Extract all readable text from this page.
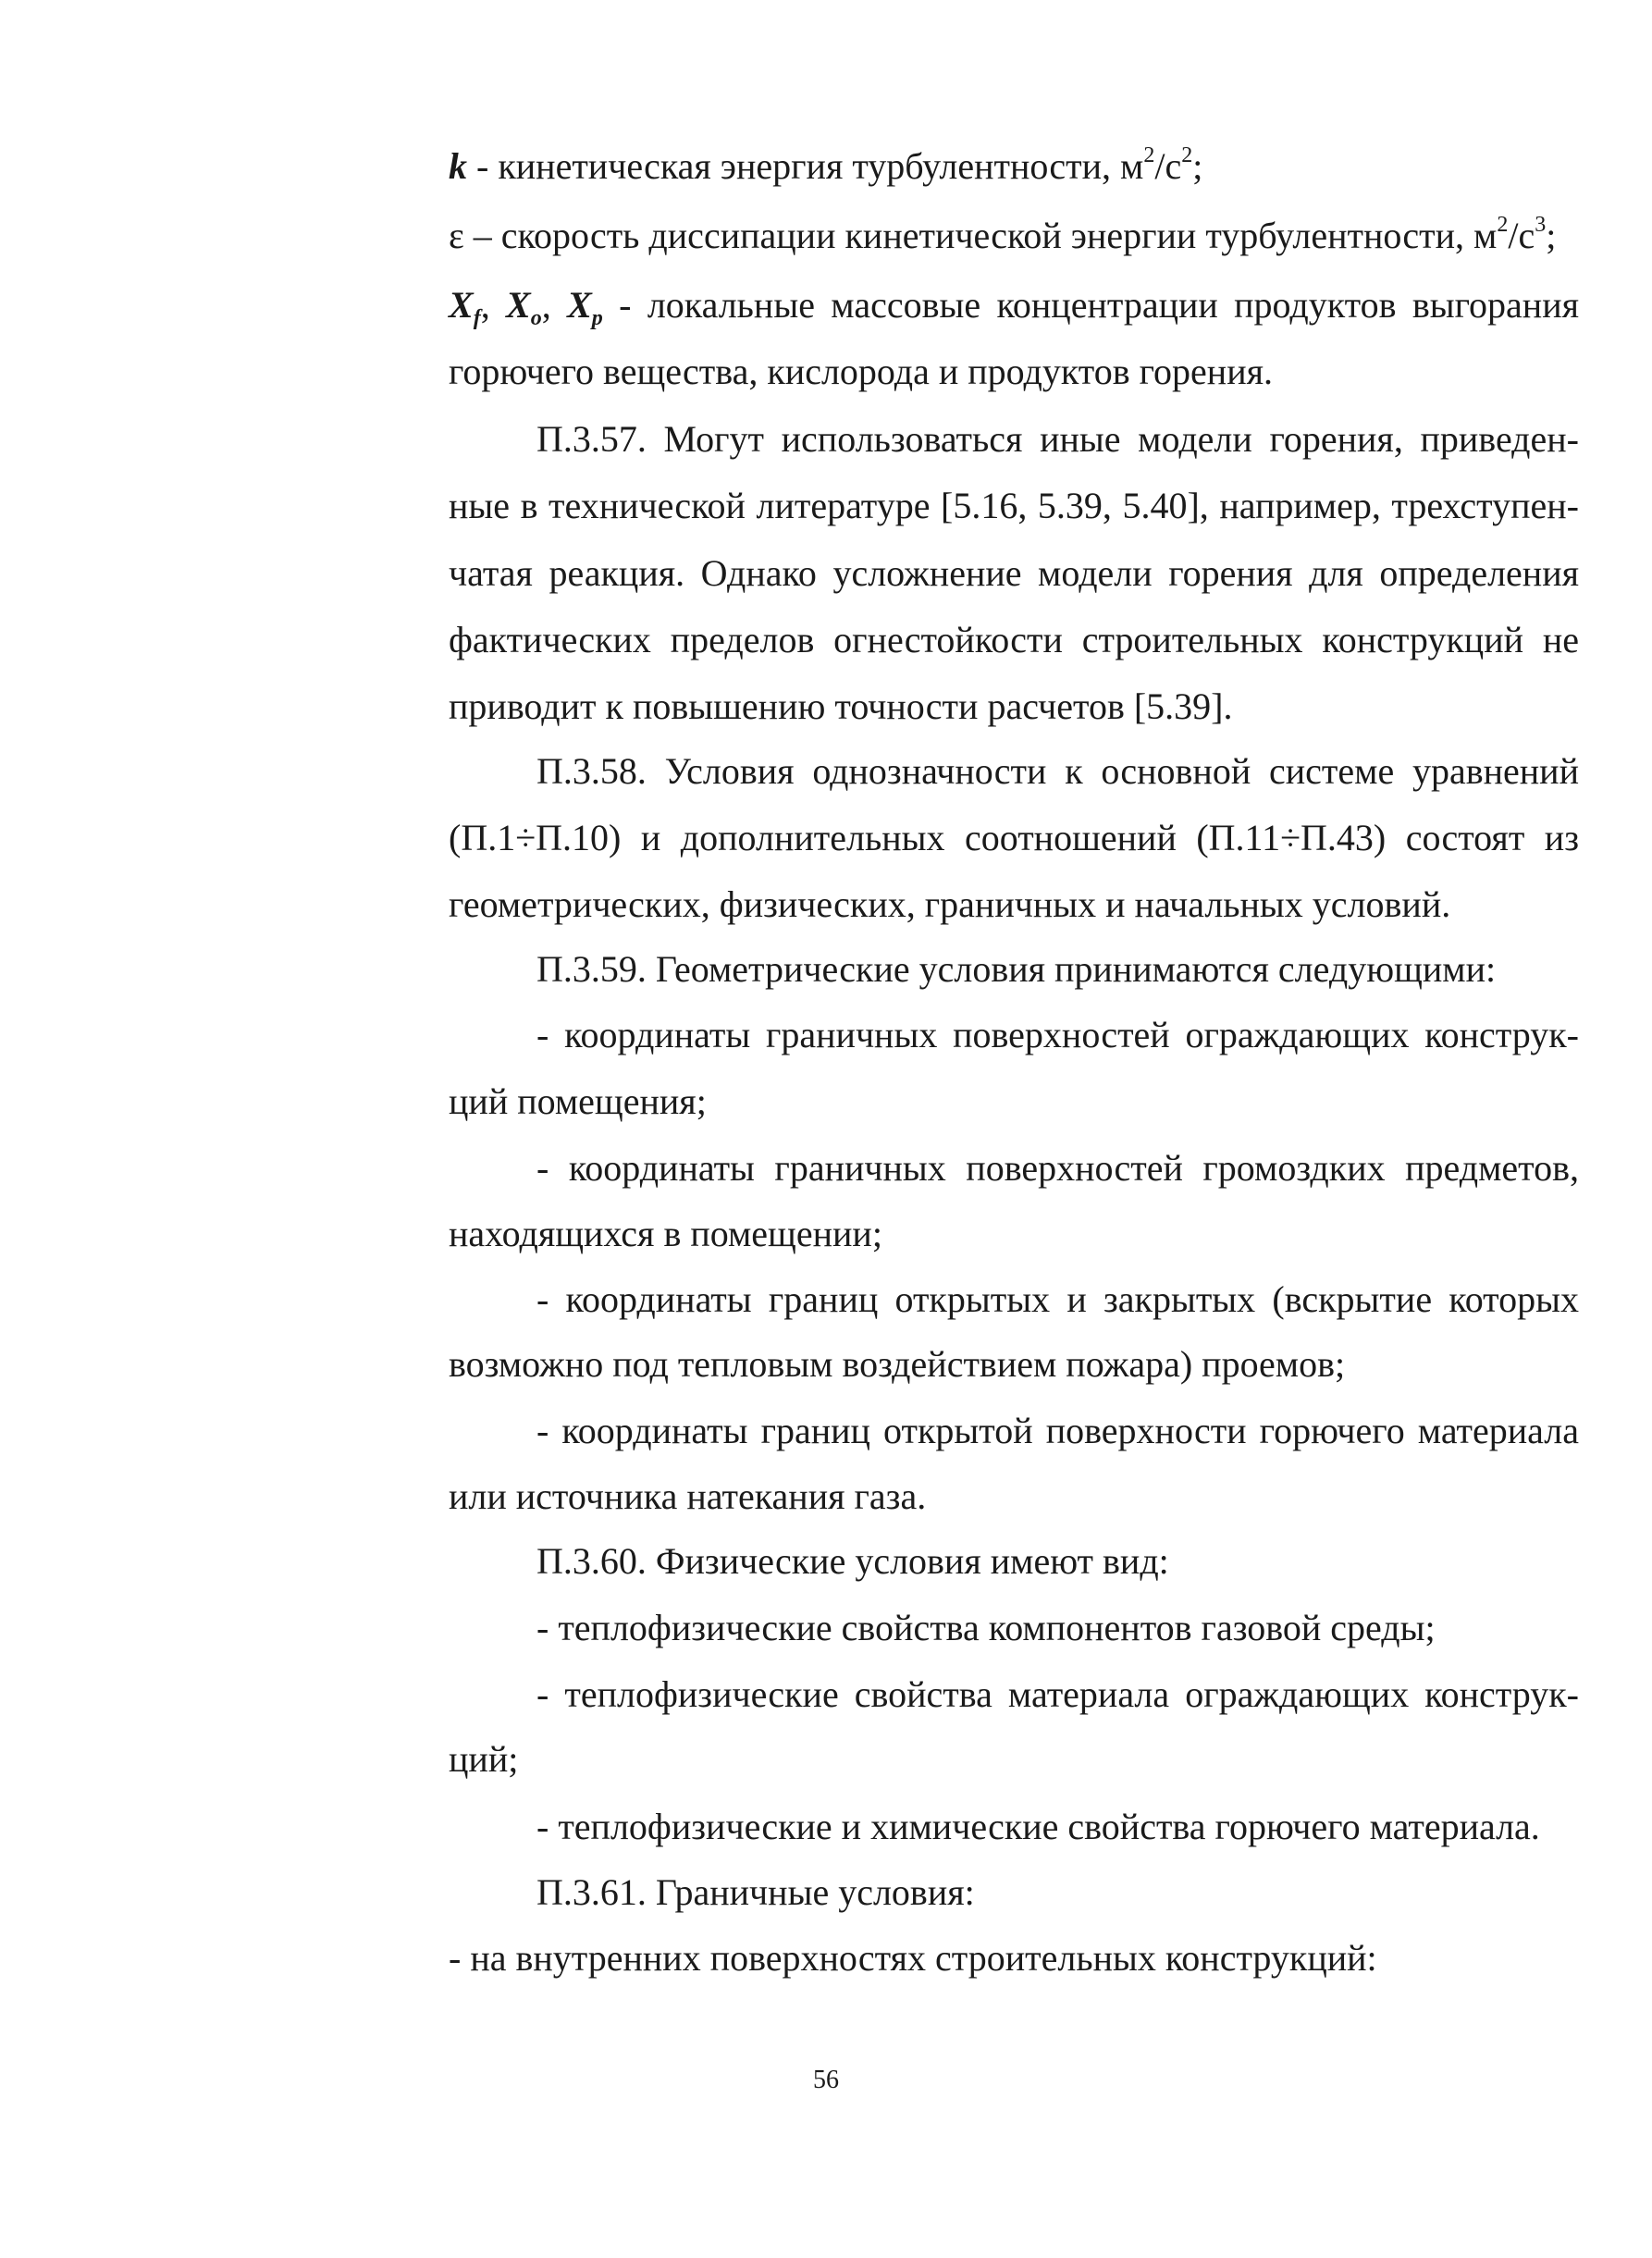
k - кинетическая энергия турбулентности, $м^2/с^2$;
ε – скорость диссипации кинетической энергии турбулентности, $м^2/с^3$;
$X_f$, $X_o$, $X_p$ - локальные массовые концентрации продуктов выгорания
горючего вещества, кислорода и продуктов горения.
П.3.57. Могут использоваться иные модели горения, приведен-
ные в технической литературе [5.16, 5.39, 5.40], например, трехступен-
чатая реакция. Однако усложнение модели горения для определения
фактических пределов огнестойкости строительных конструкций не
приводит к повышению точности расчетов [5.39].
П.3.58. Условия однозначности к основной системе уравнений
(П.1÷П.10) и дополнительных соотношений (П.11÷П.43) состоят из
геометрических, физических, граничных и начальных условий.
П.3.59. Геометрические условия принимаются следующими:
- координаты граничных поверхностей ограждающих конструк-
ций помещения;
- координаты граничных поверхностей громоздких предметов,
находящихся в помещении;
- координаты границ открытых и закрытых (вскрытие которых
возможно под тепловым воздействием пожара) проемов;
- координаты границ открытой поверхности горючего материала
или источника натекания газа.
П.3.60. Физические условия имеют вид:
- теплофизические свойства компонентов газовой среды;
- теплофизические свойства материала ограждающих конструк-
ций;
- теплофизические и химические свойства горючего материала.
П.3.61. Граничные условия:
- на внутренних поверхностях строительных конструкций:
56
